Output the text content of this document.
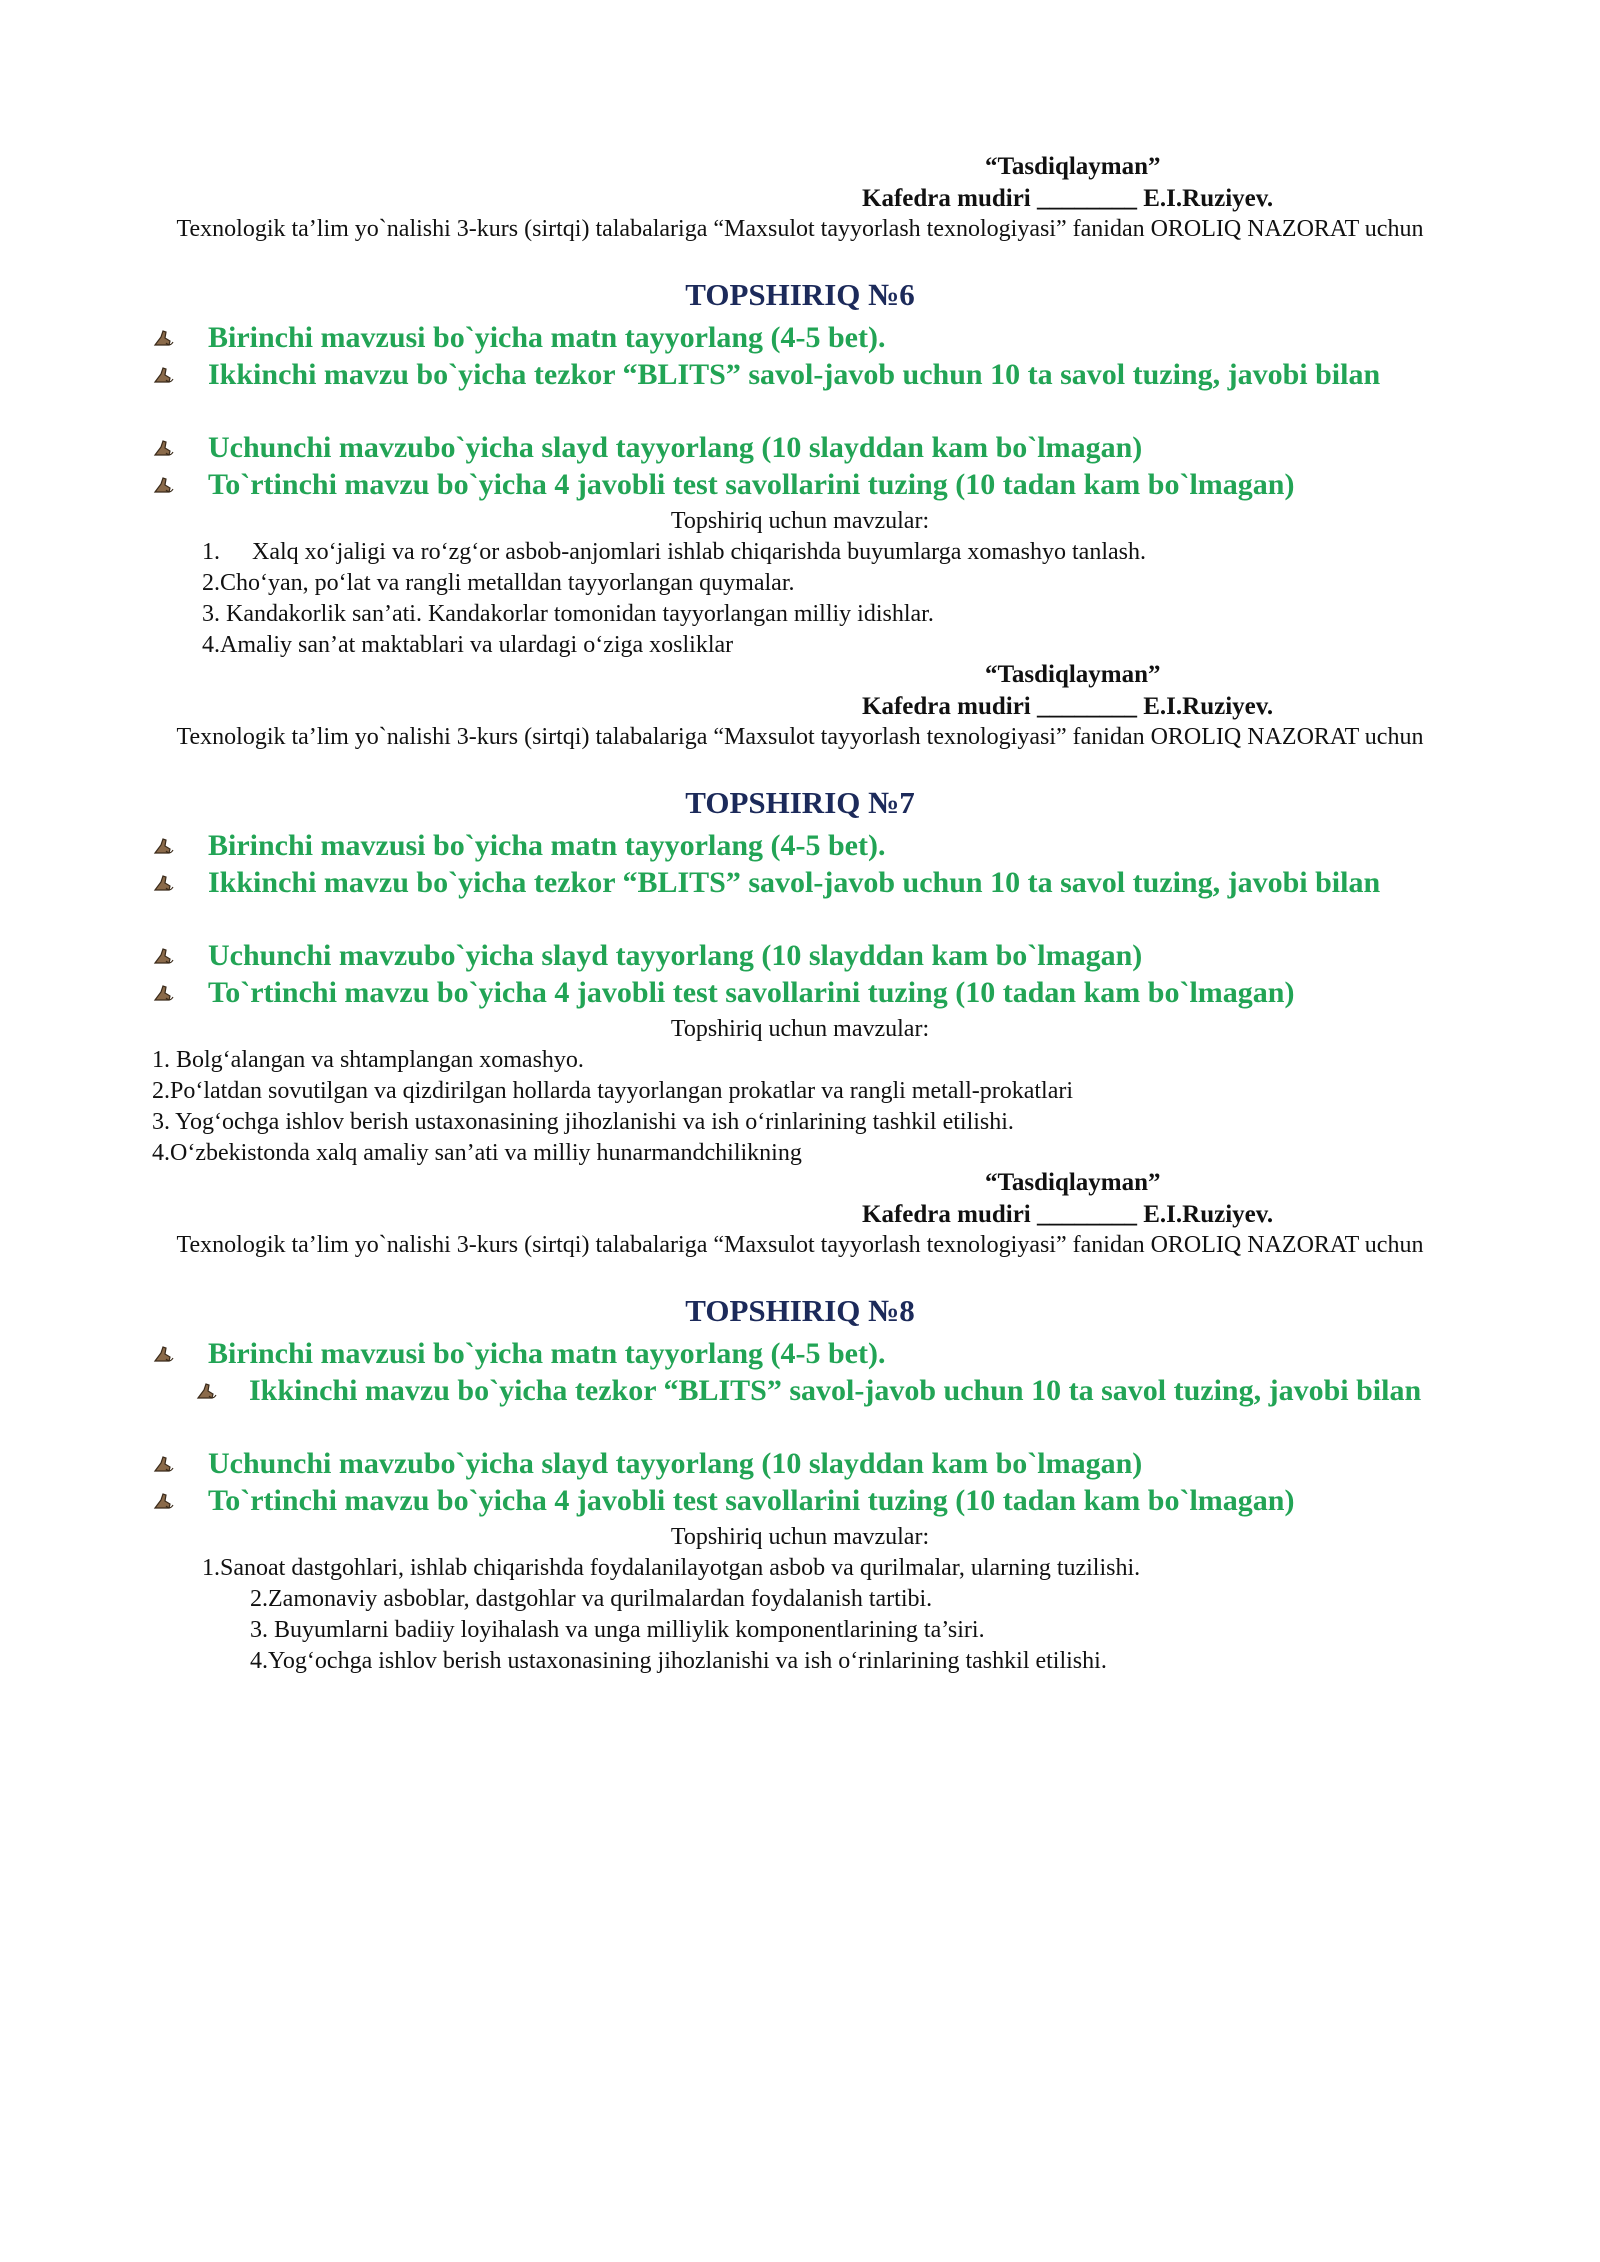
“Tasdiqlayman”
Kafedra mudiri ________ E.I.Ruziyev.
Texnologik ta’lim yo`nalishi 3-kurs (sirtqi) talabalariga “Maxsulot tayyorlash texnologiyasi” fanidan OROLIQ NAZORAT uchun
TOPSHIRIQ №6
Birinchi mavzusi bo`yicha matn tayyorlang (4-5 bet).
Ikkinchi mavzu bo`yicha tezkor “BLITS” savol-javob uchun 10 ta savol tuzing, javobi bilan
Uchunchi mavzubo`yicha slayd tayyorlang (10 slayddan kam bo`lmagan)
To`rtinchi mavzu bo`yicha 4 javobli test savollarini tuzing (10 tadan kam bo`lmagan)
Topshiriq uchun mavzular:
1. Xalq xo‘jaligi va ro‘zg‘or asbob-anjomlari ishlab chiqarishda buyumlarga xomashyo tanlash.
2.Cho‘yan, po‘lat va rangli metalldan tayyorlangan quymalar.
3. Kandakorlik san’ati. Kandakorlar tomonidan tayyorlangan milliy idishlar.
4.Amaliy san’at maktablari va ulardagi o‘ziga xosliklar
“Tasdiqlayman”
Kafedra mudiri ________ E.I.Ruziyev.
Texnologik ta’lim yo`nalishi 3-kurs (sirtqi) talabalariga “Maxsulot tayyorlash texnologiyasi” fanidan OROLIQ NAZORAT uchun
TOPSHIRIQ №7
Birinchi mavzusi bo`yicha matn tayyorlang (4-5 bet).
Ikkinchi mavzu bo`yicha tezkor “BLITS” savol-javob uchun 10 ta savol tuzing, javobi bilan
Uchunchi mavzubo`yicha slayd tayyorlang (10 slayddan kam bo`lmagan)
To`rtinchi mavzu bo`yicha 4 javobli test savollarini tuzing (10 tadan kam bo`lmagan)
Topshiriq uchun mavzular:
1. Bolg‘alangan va shtamplangan xomashyo.
2.Po‘latdan sovutilgan va qizdirilgan hollarda tayyorlangan prokatlar va rangli metall-prokatlari
3. Yog‘ochga ishlov berish ustaxonasining jihozlanishi va ish o‘rinlarining tashkil etilishi.
4.O‘zbekistonda xalq amaliy san’ati va milliy hunarmandchilikning
“Tasdiqlayman”
Kafedra mudiri ________ E.I.Ruziyev.
Texnologik ta’lim yo`nalishi 3-kurs (sirtqi) talabalariga “Maxsulot tayyorlash texnologiyasi” fanidan OROLIQ NAZORAT uchun
TOPSHIRIQ №8
Birinchi mavzusi bo`yicha matn tayyorlang (4-5 bet).
Ikkinchi mavzu bo`yicha tezkor “BLITS” savol-javob uchun 10 ta savol tuzing, javobi bilan
Uchunchi mavzubo`yicha slayd tayyorlang (10 slayddan kam bo`lmagan)
To`rtinchi mavzu bo`yicha 4 javobli test savollarini tuzing (10 tadan kam bo`lmagan)
Topshiriq uchun mavzular:
1.Sanoat dastgohlari, ishlab chiqarishda foydalanilayotgan asbob va qurilmalar, ularning tuzilishi.
2.Zamonaviy asboblar, dastgohlar va qurilmalardan foydalanish tartibi.
3. Buyumlarni badiiy loyihalash va unga milliylik komponentlarining ta’siri.
4.Yog‘ochga ishlov berish ustaxonasining jihozlanishi va ish o‘rinlarining tashkil etilishi.
